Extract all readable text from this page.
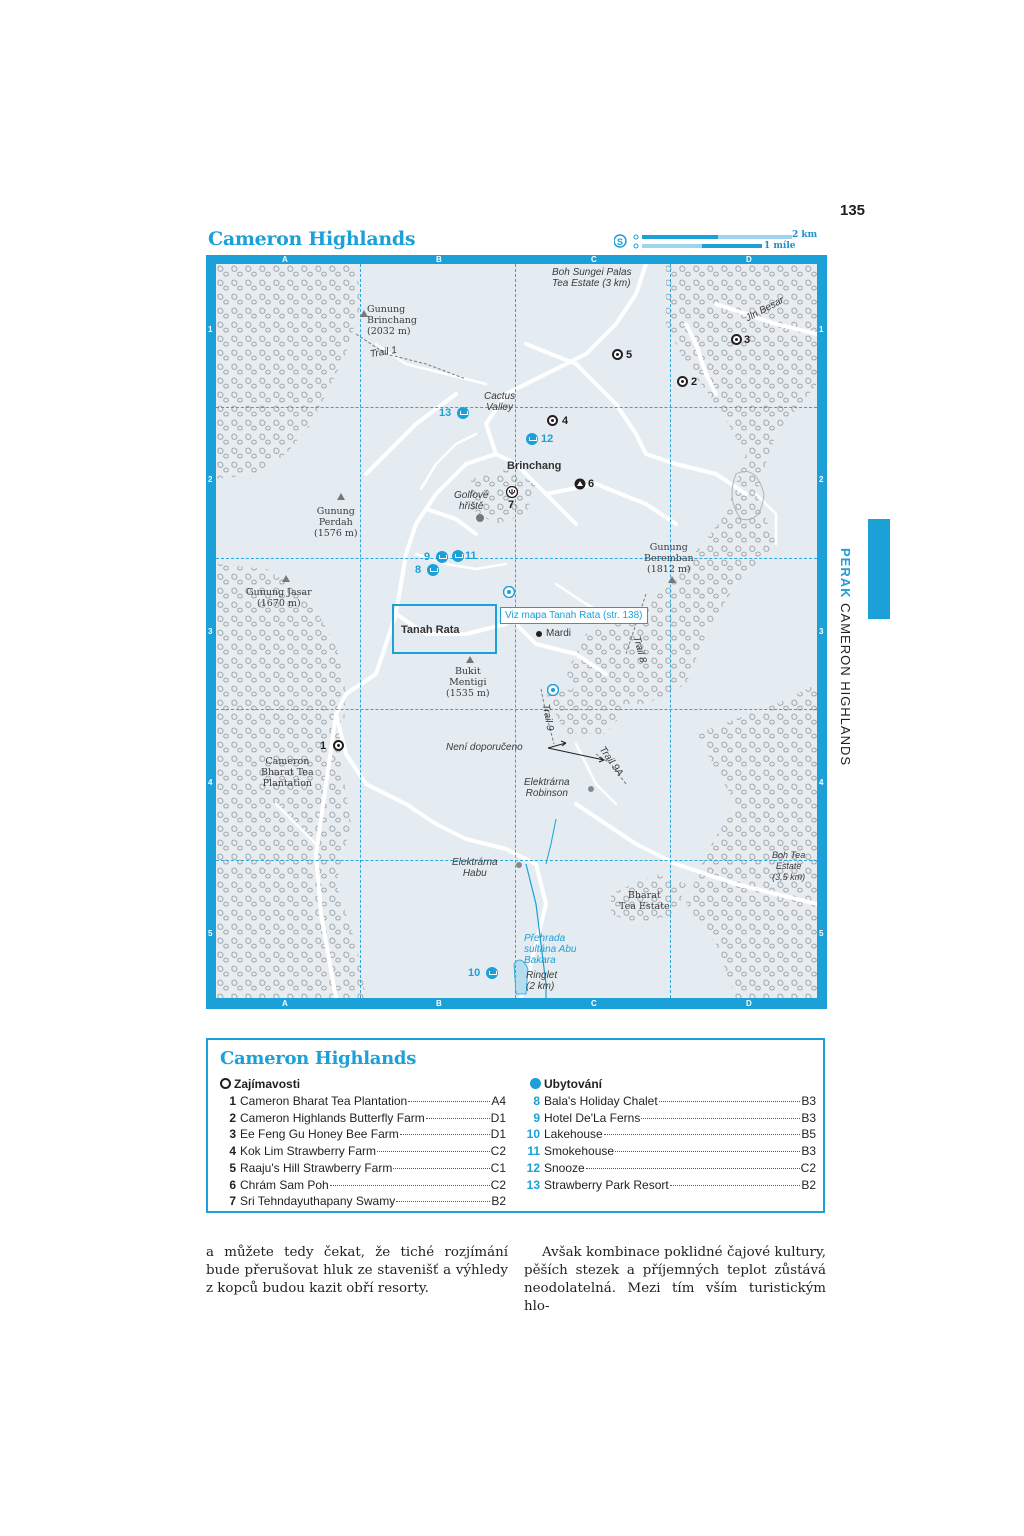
135
Cameron Highlands	S
2 km
1 míle
A	B	C	D
A	B	C	D
1
2
3
4
5
1
2
3
4
5
Boh Sungei Palas
Tea Estate (3 km)
Jln Besar
Gunung
Brinchang
(2032 m)
Trail 1
Cactus
Valley
Brinchang
Golfové
hřiště
Gunung
Perdah
(1576 m)
Gunung
Beremban
(1812 m)
Gunung Jasar
(1670 m)
Tanah Rata
Viz mapa Tanah Rata (str. 138)
Mardi
Trail 8
Bukit
Mentigi
(1535 m)
Trail 9
Není doporučeno	Trail 9A
1
Cameron
Bharat Tea
Plantation	Elektrárna
Robinson
Elektrárna
Habu
Boh Tea
Estate
(3,5 km)
Bharat
Tea Estate
Přehrada
sultána Abu
Bakara
Ringlet
(2 km)
3
5
2
4
6
7
13
12
9	11
8
10
PERAK CAMERON HIGHLANDS
Cameron Highlands
Zajímavosti
1 Cameron Bharat Tea Plantation	A4
2 Cameron Highlands Butterfly Farm	D1
3 Ee Feng Gu Honey Bee Farm	D1
4 Kok Lim Strawberry Farm	C2
5 Raaju's Hill Strawberry Farm	C1
6 Chrám Sam Poh	C2
7 Sri Tehndayuthapany Swamy	B2
Ubytování
8 Bala's Holiday Chalet	B3
9 Hotel De'La Ferns	B3
10 Lakehouse	B5
11 Smokehouse	B3
12 Snooze	C2
13 Strawberry Park Resort	B2
a můžete tedy čekat, že tiché rozjímání bude přerušovat hluk ze stavenišť a výhledy z kopců budou kazit obří resorty.
Avšak kombinace poklidné čajové kultury, pěších stezek a příjemných teplot zůstává neodolatelná. Mezi tím vším turistickým hlo-
